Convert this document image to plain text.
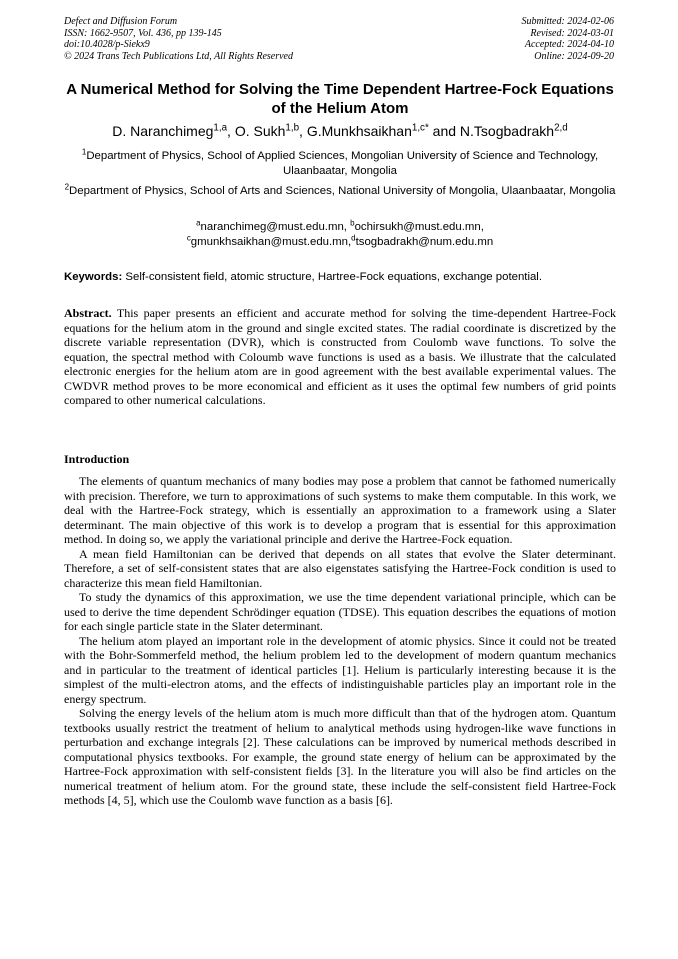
Defect and Diffusion Forum
ISSN: 1662-9507, Vol. 436, pp 139-145
doi:10.4028/p-Siekx9
© 2024 Trans Tech Publications Ltd, All Rights Reserved
Submitted: 2024-02-06
Revised: 2024-03-01
Accepted: 2024-04-10
Online: 2024-09-20
A Numerical Method for Solving the Time Dependent Hartree-Fock Equations of the Helium Atom
D. Naranchimeg$^{1,a}$, O. Sukh$^{1,b}$, G.Munkhsaikhan$^{1,c*}$ and N.Tsogbadrakh$^{2,d}$
$^1$Department of Physics, School of Applied Sciences, Mongolian University of Science and Technology, Ulaanbaatar, Mongolia
$^2$Department of Physics, School of Arts and Sciences, National University of Mongolia, Ulaanbaatar, Mongolia
$^a$naranchimeg@must.edu.mn, $^b$ochirsukh@must.edu.mn,
$^c$gmunkhsaikhan@must.edu.mn,$^d$tsogbadrakh@num.edu.mn
Keywords: Self-consistent field, atomic structure, Hartree-Fock equations, exchange potential.
Abstract. This paper presents an efficient and accurate method for solving the time-dependent Hartree-Fock equations for the helium atom in the ground and single excited states. The radial coordinate is discretized by the discrete variable representation (DVR), which is constructed from Coulomb wave functions. To solve the equation, the spectral method with Coloumb wave functions is used as a basis. We illustrate that the calculated electronic energies for the helium atom are in good agreement with the best available experimental values. The CWDVR method proves to be more economical and efficient as it uses the optimal few numbers of grid points compared to other numerical calculations.
Introduction

The elements of quantum mechanics of many bodies may pose a problem that cannot be fathomed numerically with precision. Therefore, we turn to approximations of such systems to make them computable. In this work, we deal with the Hartree-Fock strategy, which is essentially an approximation to a framework using a Slater determinant. The main objective of this work is to develop a program that is essential for this approximation method. In doing so, we apply the variational principle and derive the Hartree-Fock equation.

A mean field Hamiltonian can be derived that depends on all states that evolve the Slater determinant. Therefore, a set of self-consistent states that are also eigenstates satisfying the Hartree-Fock condition is used to characterize this mean field Hamiltonian.

To study the dynamics of this approximation, we use the time dependent variational principle, which can be used to derive the time dependent Schrödinger equation (TDSE). This equation describes the equations of motion for each single particle state in the Slater determinant.

The helium atom played an important role in the development of atomic physics. Since it could not be treated with the Bohr-Sommerfeld method, the helium problem led to the development of modern quantum mechanics and in particular to the treatment of identical particles [1]. Helium is particularly interesting because it is the simplest of the multi-electron atoms, and the effects of indistinguishable particles play an important role in the energy spectrum.

Solving the energy levels of the helium atom is much more difficult than that of the hydrogen atom. Quantum textbooks usually restrict the treatment of helium to analytical methods using hydrogen-like wave functions in perturbation and exchange integrals [2]. These calculations can be improved by numerical methods described in computational physics textbooks. For example, the ground state energy of helium can be approximated by the Hartree-Fock approximation with self-consistent fields [3]. In the literature you will also be find articles on the numerical treatment of helium atom. For the ground state, these include the self-consistent field Hartree-Fock methods [4, 5], which use the Coulomb wave function as a basis [6].
